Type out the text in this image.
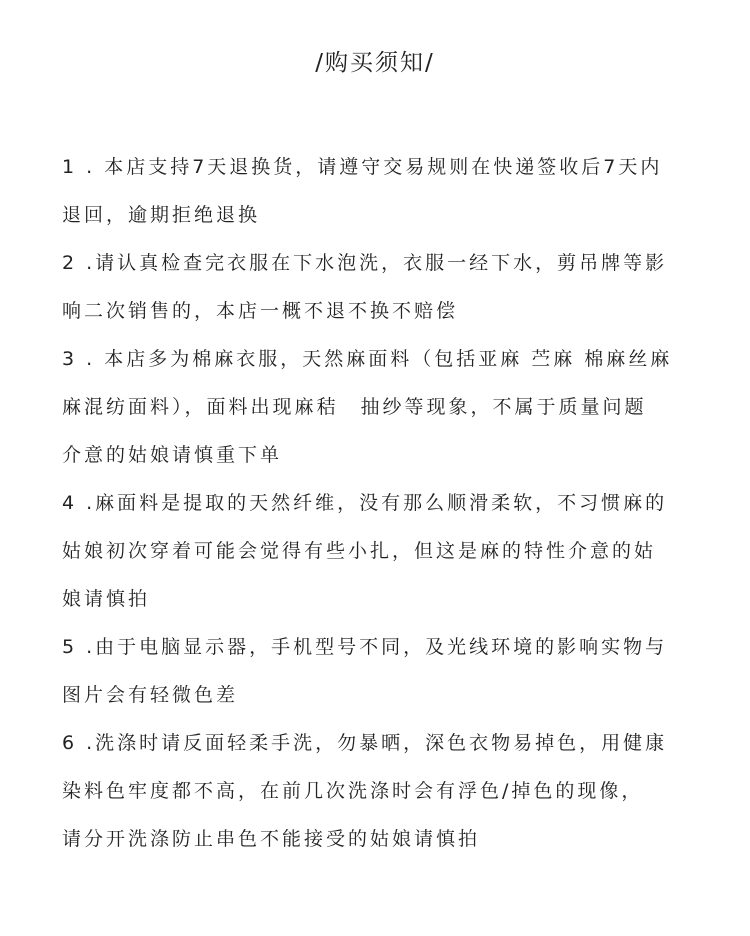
/购买须知/
1 . 本店支持7天退换货，请遵守交易规则在快递签收后7天内
退回，逾期拒绝退换
2 .请认真检查完衣服在下水泡洗，衣服一经下水，剪吊牌等影
响二次销售的，本店一概不退不换不赔偿
3 . 本店多为棉麻衣服，天然麻面料（包括亚麻 苎麻 棉麻丝麻
麻混纺面料），面料出现麻秸　抽纱等现象，不属于质量问题
介意的姑娘请慎重下单
4 .麻面料是提取的天然纤维，没有那么顺滑柔软，不习惯麻的
姑娘初次穿着可能会觉得有些小扎，但这是麻的特性介意的姑
娘请慎拍
5 .由于电脑显示器，手机型号不同，及光线环境的影响实物与
图片会有轻微色差
6 .洗涤时请反面轻柔手洗，勿暴晒，深色衣物易掉色，用健康
染料色牢度都不高，在前几次洗涤时会有浮色/掉色的现像，
请分开洗涤防止串色不能接受的姑娘请慎拍
